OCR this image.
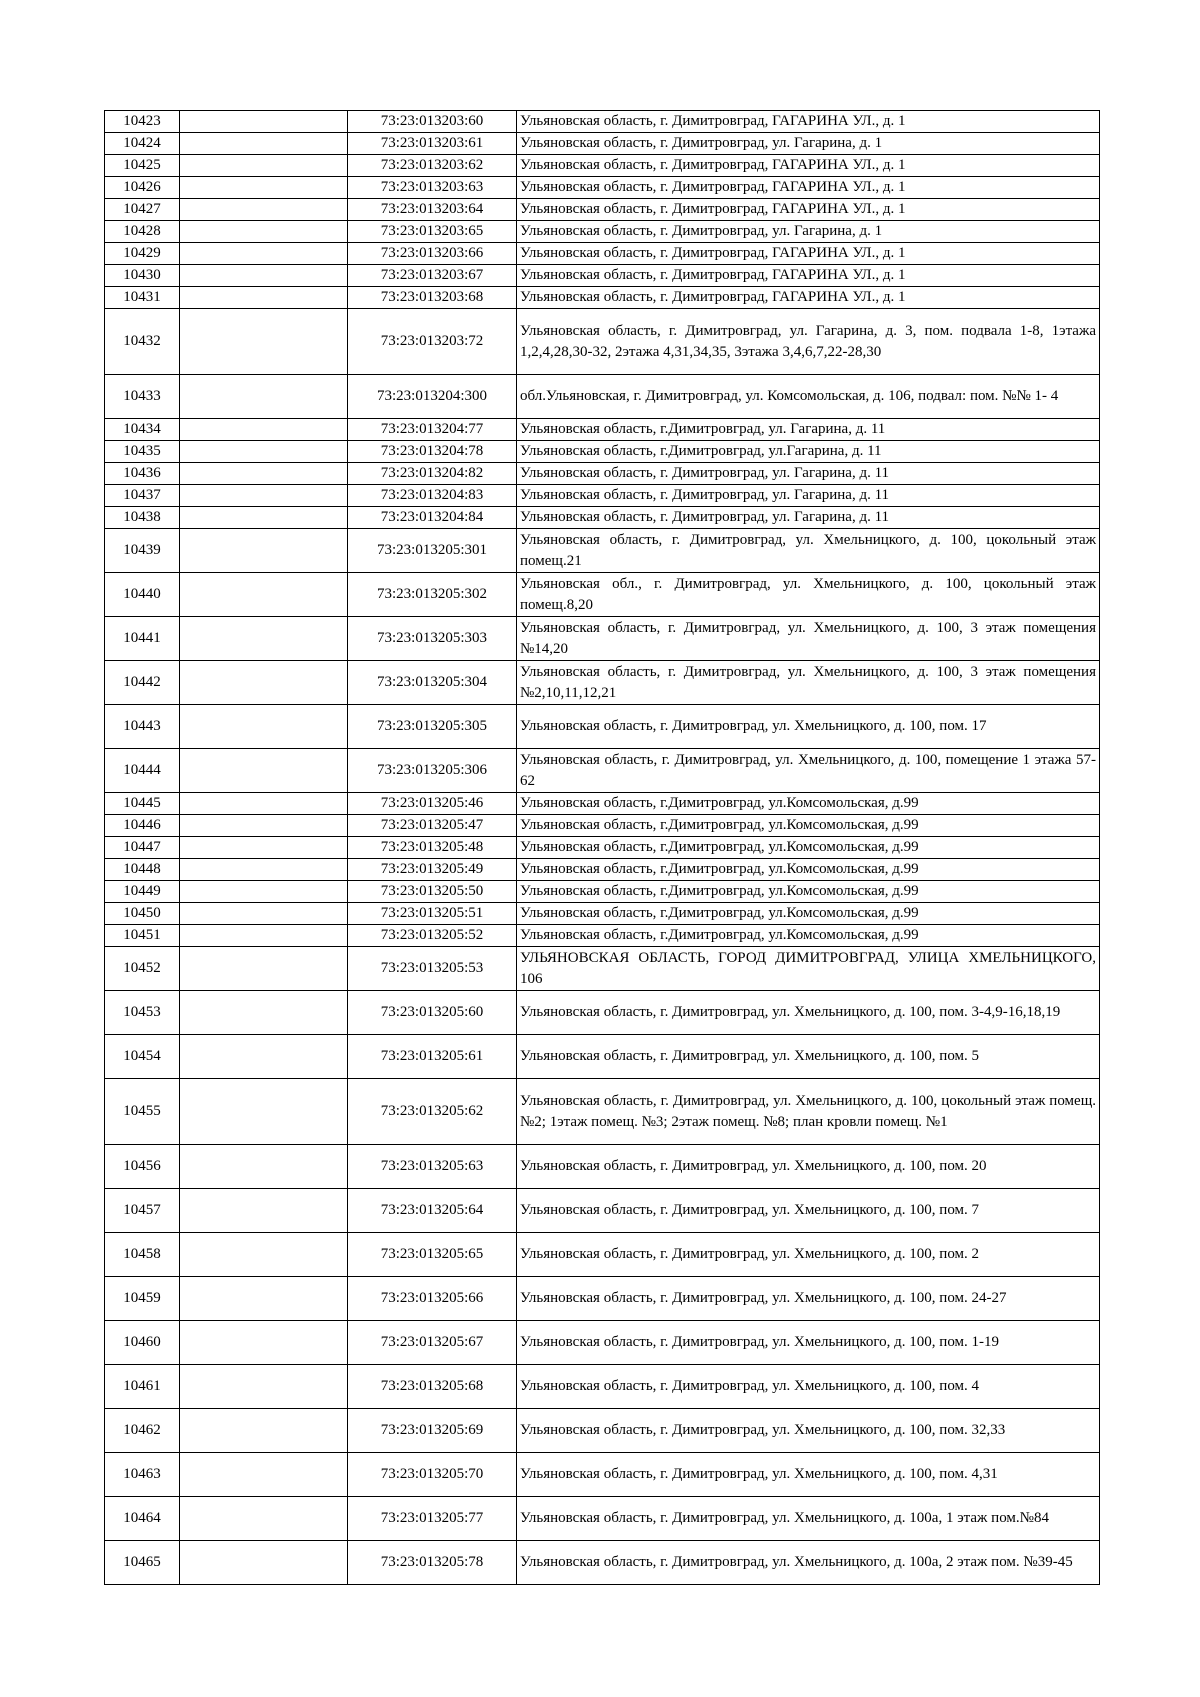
10423		73:23:013203:60	Ульяновская область, г. Димитровград, ГАГАРИНА УЛ., д. 1
10424		73:23:013203:61	Ульяновская область, г. Димитровград, ул. Гагарина, д. 1
10425		73:23:013203:62	Ульяновская область, г. Димитровград, ГАГАРИНА УЛ., д. 1
10426		73:23:013203:63	Ульяновская область, г. Димитровград, ГАГАРИНА УЛ., д. 1
10427		73:23:013203:64	Ульяновская область, г. Димитровград, ГАГАРИНА УЛ., д. 1
10428		73:23:013203:65	Ульяновская область, г. Димитровград, ул. Гагарина, д. 1
10429		73:23:013203:66	Ульяновская область, г. Димитровград, ГАГАРИНА УЛ., д. 1
10430		73:23:013203:67	Ульяновская область, г. Димитровград, ГАГАРИНА УЛ., д. 1
10431		73:23:013203:68	Ульяновская область, г. Димитровград, ГАГАРИНА УЛ., д. 1
10432		73:23:013203:72	Ульяновская область, г. Димитровград, ул. Гагарина, д. 3, пом. подвала 1-8, 1этажа 1,2,4,28,30-32, 2этажа 4,31,34,35, 3этажа 3,4,6,7,22-28,30
10433		73:23:013204:300	обл.Ульяновская, г. Димитровград, ул. Комсомольская, д. 106, подвал: пом. №№ 1- 4
10434		73:23:013204:77	Ульяновская область, г.Димитровград, ул. Гагарина, д. 11
10435		73:23:013204:78	Ульяновская область, г.Димитровград, ул.Гагарина, д. 11
10436		73:23:013204:82	Ульяновская область, г. Димитровград, ул. Гагарина, д. 11
10437		73:23:013204:83	Ульяновская область, г. Димитровград, ул. Гагарина, д. 11
10438		73:23:013204:84	Ульяновская область, г. Димитровград, ул. Гагарина, д. 11
10439		73:23:013205:301	Ульяновская область, г. Димитровград, ул. Хмельницкого, д. 100, цокольный этаж помещ.21
10440		73:23:013205:302	Ульяновская обл., г. Димитровград, ул. Хмельницкого, д. 100, цокольный этаж помещ.8,20
10441		73:23:013205:303	Ульяновская область, г. Димитровград, ул. Хмельницкого, д. 100, 3 этаж помещения №14,20
10442		73:23:013205:304	Ульяновская область, г. Димитровград, ул. Хмельницкого, д. 100, 3 этаж помещения №2,10,11,12,21
10443		73:23:013205:305	Ульяновская область, г. Димитровград, ул. Хмельницкого, д. 100, пом. 17
10444		73:23:013205:306	Ульяновская область, г. Димитровград, ул. Хмельницкого, д. 100, помещение 1 этажа 57-62
10445		73:23:013205:46	Ульяновская область, г.Димитровград, ул.Комсомольская, д.99
10446		73:23:013205:47	Ульяновская область, г.Димитровград, ул.Комсомольская, д.99
10447		73:23:013205:48	Ульяновская область, г.Димитровград, ул.Комсомольская, д.99
10448		73:23:013205:49	Ульяновская область, г.Димитровград, ул.Комсомольская, д.99
10449		73:23:013205:50	Ульяновская область, г.Димитровград, ул.Комсомольская, д.99
10450		73:23:013205:51	Ульяновская область, г.Димитровград, ул.Комсомольская, д.99
10451		73:23:013205:52	Ульяновская область, г.Димитровград, ул.Комсомольская, д.99
10452		73:23:013205:53	УЛЬЯНОВСКАЯ ОБЛАСТЬ, ГОРОД ДИМИТРОВГРАД, УЛИЦА ХМЕЛЬНИЦКОГО, 106
10453		73:23:013205:60	Ульяновская область, г. Димитровград, ул. Хмельницкого, д. 100, пом. 3-4,9-16,18,19
10454		73:23:013205:61	Ульяновская область, г. Димитровград, ул. Хмельницкого, д. 100, пом. 5
10455		73:23:013205:62	Ульяновская область, г. Димитровград, ул. Хмельницкого, д. 100, цокольный этаж помещ. №2; 1этаж помещ. №3; 2этаж помещ. №8; план кровли помещ. №1
10456		73:23:013205:63	Ульяновская область, г. Димитровград, ул. Хмельницкого, д. 100, пом. 20
10457		73:23:013205:64	Ульяновская область, г. Димитровград, ул. Хмельницкого, д. 100, пом. 7
10458		73:23:013205:65	Ульяновская область, г. Димитровград, ул. Хмельницкого, д. 100, пом. 2
10459		73:23:013205:66	Ульяновская область, г. Димитровград, ул. Хмельницкого, д. 100, пом. 24-27
10460		73:23:013205:67	Ульяновская область, г. Димитровград, ул. Хмельницкого, д. 100, пом. 1-19
10461		73:23:013205:68	Ульяновская область, г. Димитровград, ул. Хмельницкого, д. 100, пом. 4
10462		73:23:013205:69	Ульяновская область, г. Димитровград, ул. Хмельницкого, д. 100, пом. 32,33
10463		73:23:013205:70	Ульяновская область, г. Димитровград, ул. Хмельницкого, д. 100, пом. 4,31
10464		73:23:013205:77	Ульяновская область, г. Димитровград, ул. Хмельницкого, д. 100а, 1 этаж пом.№84
10465		73:23:013205:78	Ульяновская область, г. Димитровград, ул. Хмельницкого, д. 100а, 2 этаж пом. №39-45
